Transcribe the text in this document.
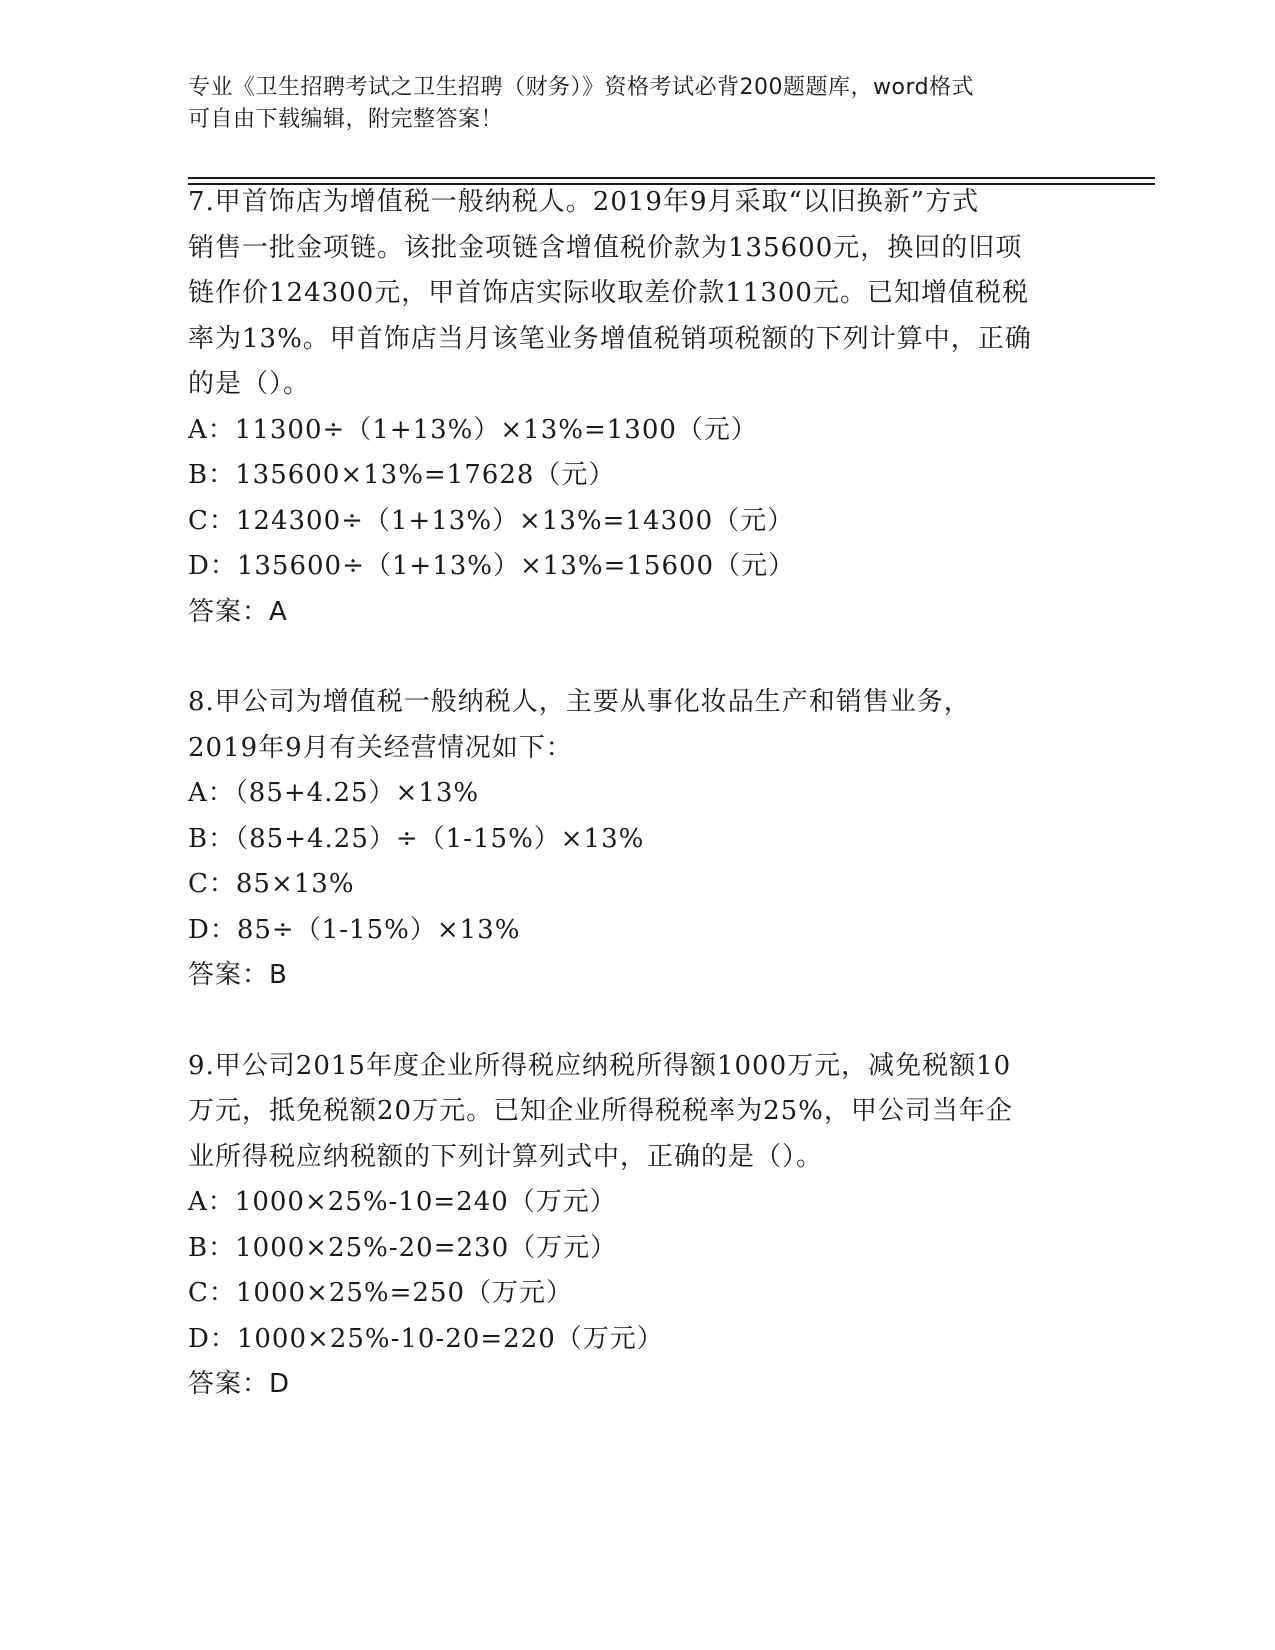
专业《卫生招聘考试之卫生招聘（财务）》资格考试必背200题题库，word格式
可自由下载编辑，附完整答案！
7.甲首饰店为增值税一般纳税人。2019年9月采取“以旧换新”方式
销售一批金项链。该批金项链含增值税价款为135600元，换回的旧项
链作价124300元，甲首饰店实际收取差价款11300元。已知增值税税
率为13%。甲首饰店当月该笔业务增值税销项税额的下列计算中，正确
的是（）。
A：11300÷（1+13%）×13%=1300（元）
B：135600×13%=17628（元）
C：124300÷（1+13%）×13%=14300（元）
D：135600÷（1+13%）×13%=15600（元）
答案：A
8.甲公司为增值税一般纳税人，主要从事化妆品生产和销售业务，
2019年9月有关经营情况如下：
A：（85+4.25）×13%
B：（85+4.25）÷（1-15%）×13%
C：85×13%
D：85÷（1-15%）×13%
答案：B
9.甲公司2015年度企业所得税应纳税所得额1000万元，减免税额10
万元，抵免税额20万元。已知企业所得税税率为25%，甲公司当年企
业所得税应纳税额的下列计算列式中，正确的是（）。
A：1000×25%-10=240（万元）
B：1000×25%-20=230（万元）
C：1000×25%=250（万元）
D：1000×25%-10-20=220（万元）
答案：D
